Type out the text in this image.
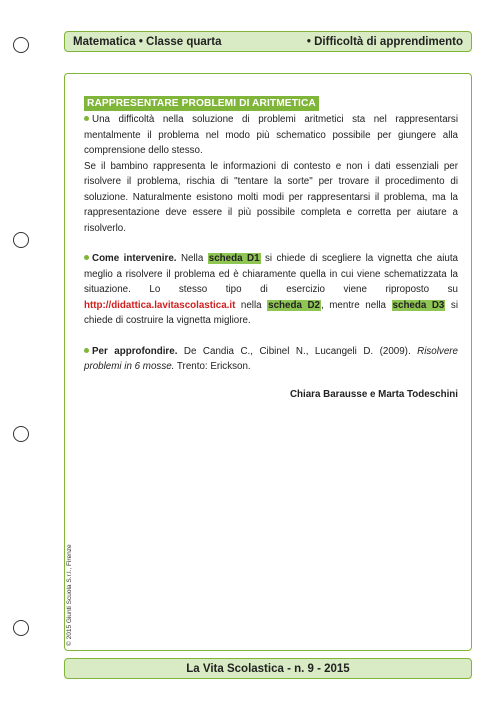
Matematica • Classe quarta	• Difficoltà di apprendimento
RAPPRESENTARE PROBLEMI DI ARITMETICA

Una difficoltà nella soluzione di problemi aritmetici sta nel rappresentarsi mentalmente il problema nel modo più schematico possibile per giungere alla comprensione dello stesso.
Se il bambino rappresenta le informazioni di contesto e non i dati essenziali per risolvere il problema, rischia di "tentare la sorte" per trovare il procedimento di soluzione. Naturalmente esistono molti modi per rappresentarsi il problema, ma la rappresentazione deve essere il più possibile completa e corretta per aiutare a risolverlo.

Come intervenire. Nella scheda D1 si chiede di scegliere la vignetta che aiuta meglio a risolvere il problema ed è chiaramente quella in cui viene schematizzata la situazione. Lo stesso tipo di esercizio viene riproposto su http://didattica.lavitascolastica.it nella scheda D2, mentre nella scheda D3 si chiede di costruire la vignetta migliore.

Per approfondire. De Candia C., Cibinel N., Lucangeli D. (2009). Risolvere problemi in 6 mosse. Trento: Erickson.

Chiara Barausse e Marta Todeschini
© 2015 Giunti Scuola S.r.l., Firenze
La Vita Scolastica - n. 9 - 2015
